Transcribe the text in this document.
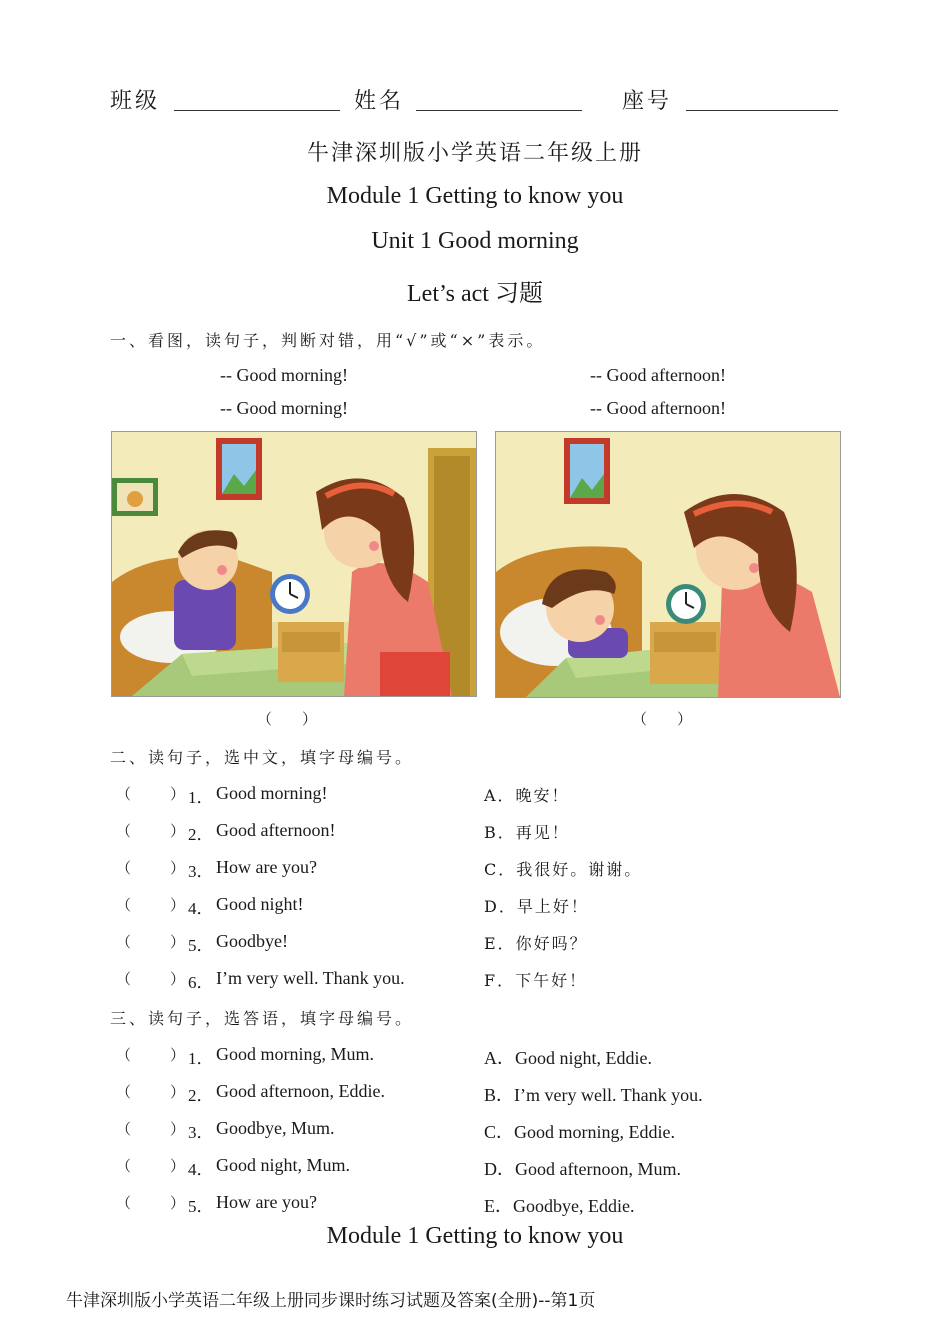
班级	姓名	座号
牛津深圳版小学英语二年级上册
Module 1 Getting to know you
Unit 1 Good morning
Let’s act 习题
一、看图，读句子，判断对错，用“√”或“×”表示。
-- Good morning!
-- Good morning!
-- Good afternoon!
-- Good afternoon!
（　　）	（　　）
二、读句子，选中文，填字母编号。
（	） 1． Good morning!	A．晚安！
（	） 2． Good afternoon!	B．再见！
（	） 3． How are you?	C．我很好。谢谢。
（	） 4． Good night!	D．早上好！
（	） 5． Goodbye!	E．你好吗？
（	） 6． I’m very well. Thank you.	F．下午好！
三、读句子，选答语，填字母编号。
（	） 1． Good morning, Mum.	A．Good night, Eddie.
（	） 2． Good afternoon, Eddie.	B．I’m very well. Thank you.
（	） 3． Goodbye, Mum.	C．Good morning, Eddie.
（	） 4． Good night, Mum.	D．Good afternoon, Mum.
（	） 5． How are you?	E．Goodbye, Eddie.
Module 1 Getting to know you
牛津深圳版小学英语二年级上册同步课时练习试题及答案(全册)--第1页
